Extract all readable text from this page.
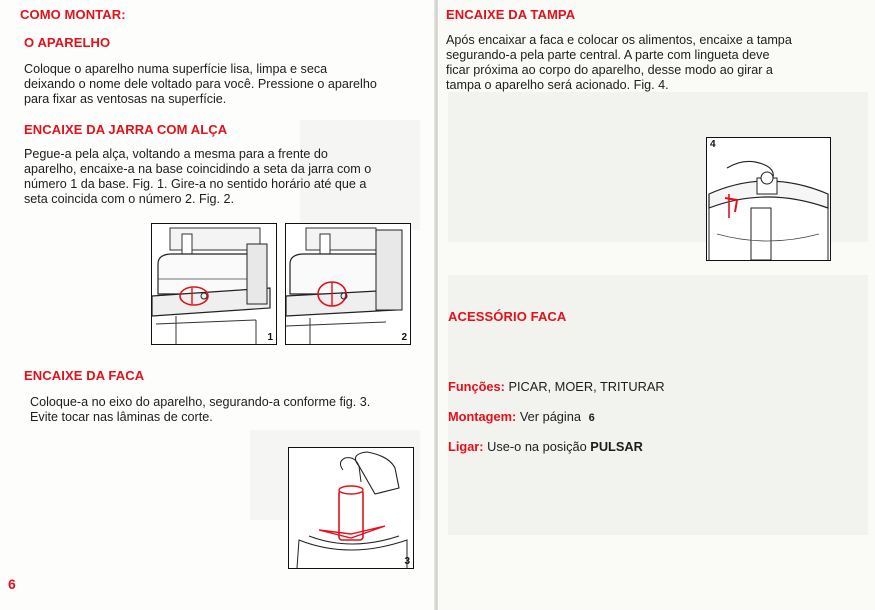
COMO MONTAR:
O APARELHO
Coloque o aparelho numa superfície lisa, limpa e seca
deixando o nome dele voltado para você. Pressione o aparelho
para fixar as ventosas na superfície.
ENCAIXE DA JARRA COM ALÇA
Pegue-a pela alça, voltando a mesma para a frente do
aparelho, encaixe-a na base coincidindo a seta da jarra com o
número 1 da base. Fig. 1. Gire-a no sentido horário até que a
seta coincida com o número 2. Fig. 2.
1	2
ENCAIXE DA FACA
Coloque-a no eixo do aparelho, segurando-a conforme fig. 3.
Evite tocar nas lâminas de corte.
3
6
ENCAIXE DA TAMPA
Após encaixar a faca e colocar os alimentos, encaixe a tampa
segurando-a pela parte central. A parte com lingueta deve
ficar próxima ao corpo do aparelho, desse modo ao girar a
tampa o aparelho será acionado. Fig. 4.
4
ACESSÓRIO FACA
Funções: PICAR, MOER, TRITURAR
Montagem: Ver página 6
Ligar: Use-o na posição PULSAR
